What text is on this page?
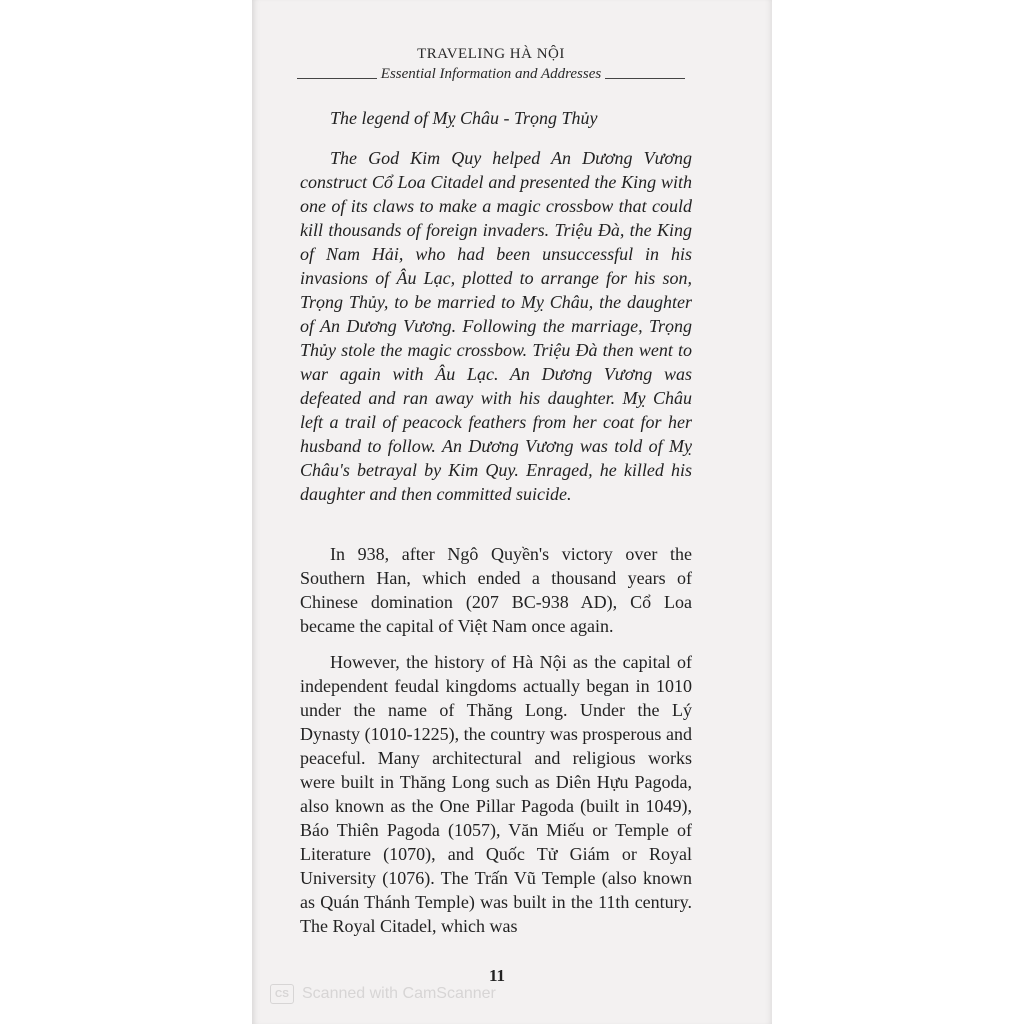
TRAVELING HÀ NỘI
Essential Information and Addresses
The legend of Mỵ Châu - Trọng Thủy

The God Kim Quy helped An Dương Vương construct Cổ Loa Citadel and presented the King with one of its claws to make a magic crossbow that could kill thousands of foreign invaders. Triệu Đà, the King of Nam Hải, who had been unsuccessful in his invasions of Âu Lạc, plotted to arrange for his son, Trọng Thủy, to be married to Mỵ Châu, the daughter of An Dương Vương. Following the marriage, Trọng Thủy stole the magic crossbow. Triệu Đà then went to war again with Âu Lạc. An Dương Vương was defeated and ran away with his daughter. Mỵ Châu left a trail of peacock feathers from her coat for her husband to follow. An Dương Vương was told of Mỵ Châu's betrayal by Kim Quy. Enraged, he killed his daughter and then committed suicide.

In 938, after Ngô Quyền's victory over the Southern Han, which ended a thousand years of Chinese domination (207 BC-938 AD), Cổ Loa became the capital of Việt Nam once again.

However, the history of Hà Nội as the capital of independent feudal kingdoms actually began in 1010 under the name of Thăng Long. Under the Lý Dynasty (1010-1225), the country was prosperous and peaceful. Many architectural and religious works were built in Thăng Long such as Diên Hựu Pagoda, also known as the One Pillar Pagoda (built in 1049), Báo Thiên Pagoda (1057), Văn Miếu or Temple of Literature (1070), and Quốc Tử Giám or Royal University (1076). The Trấn Vũ Temple (also known as Quán Thánh Temple) was built in the 11th century. The Royal Citadel, which was

11
CS Scanned with CamScanner
